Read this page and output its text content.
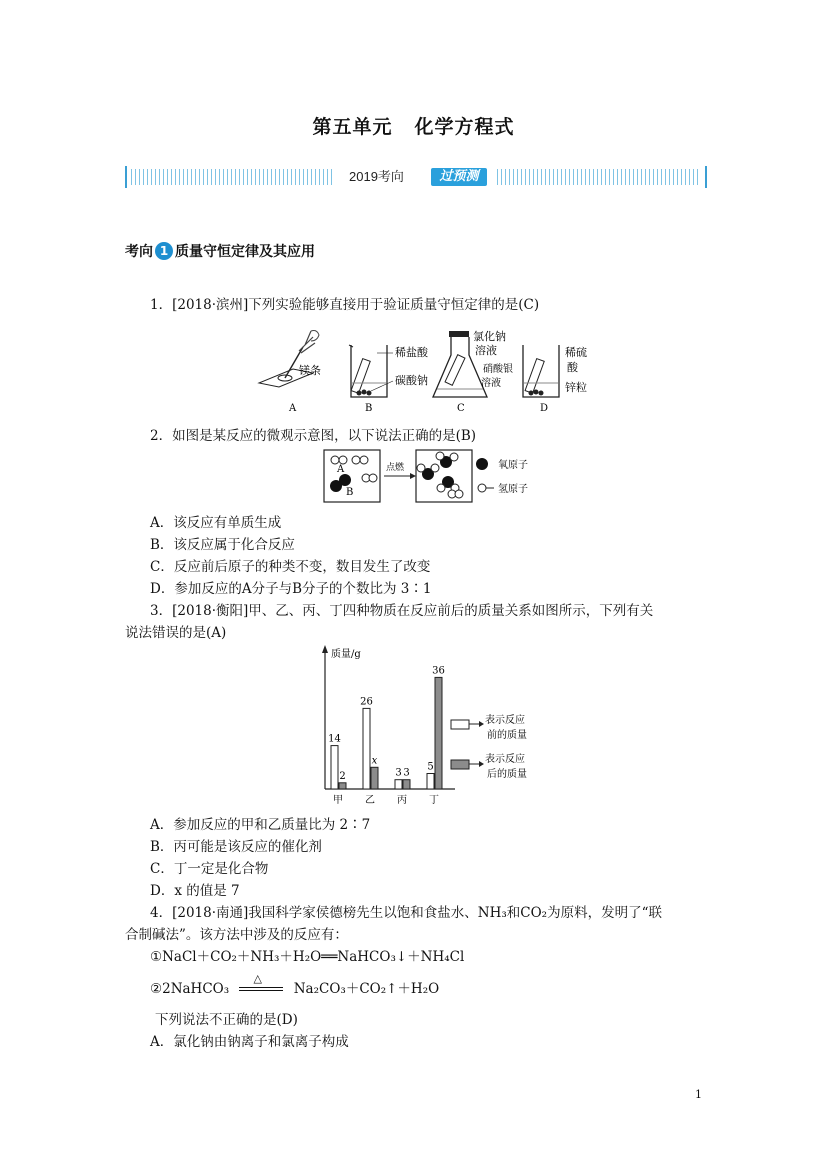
第五单元 化学方程式
2019考向	过预测
考向 1 质量守恒定律及其应用
1．[2018·滨州]下列实验能够直接用于验证质量守恒定律的是(C)
镁条
A
稀盐酸
碳酸钠
B
氯化钠
溶液
硝酸银
溶液
C
稀硫
酸
锌粒
D
2．如图是某反应的微观示意图，以下说法正确的是(B)
A
B
点燃	氧原子
氢原子
A．该反应有单质生成
B．该反应属于化合反应
C．反应前后原子的种类不变，数目发生了改变
D．参加反应的A分子与B分子的个数比为 3∶1
3．[2018·衡阳]甲、乙、丙、丁四种物质在反应前后的质量关系如图所示，下列有关
说法错误的是(A)
质量/g
14
2
甲
26
x
乙
3 3
丙
5
36
丁
表示反应
前的质量
表示反应
后的质量
A．参加反应的甲和乙质量比为 2∶7
B．丙可能是该反应的催化剂
C．丁一定是化合物
D．x 的值是 7
4．[2018·南通]我国科学家侯德榜先生以饱和食盐水、NH₃和CO₂为原料，发明了“联
合制碱法”。该方法中涉及的反应有：
①NaCl＋CO₂＋NH₃＋H₂O══NaHCO₃↓＋NH₄Cl
②2NaHCO₃
△
Na₂CO₃＋CO₂↑＋H₂O
下列说法不正确的是(D)
A．氯化钠由钠离子和氯离子构成
1
